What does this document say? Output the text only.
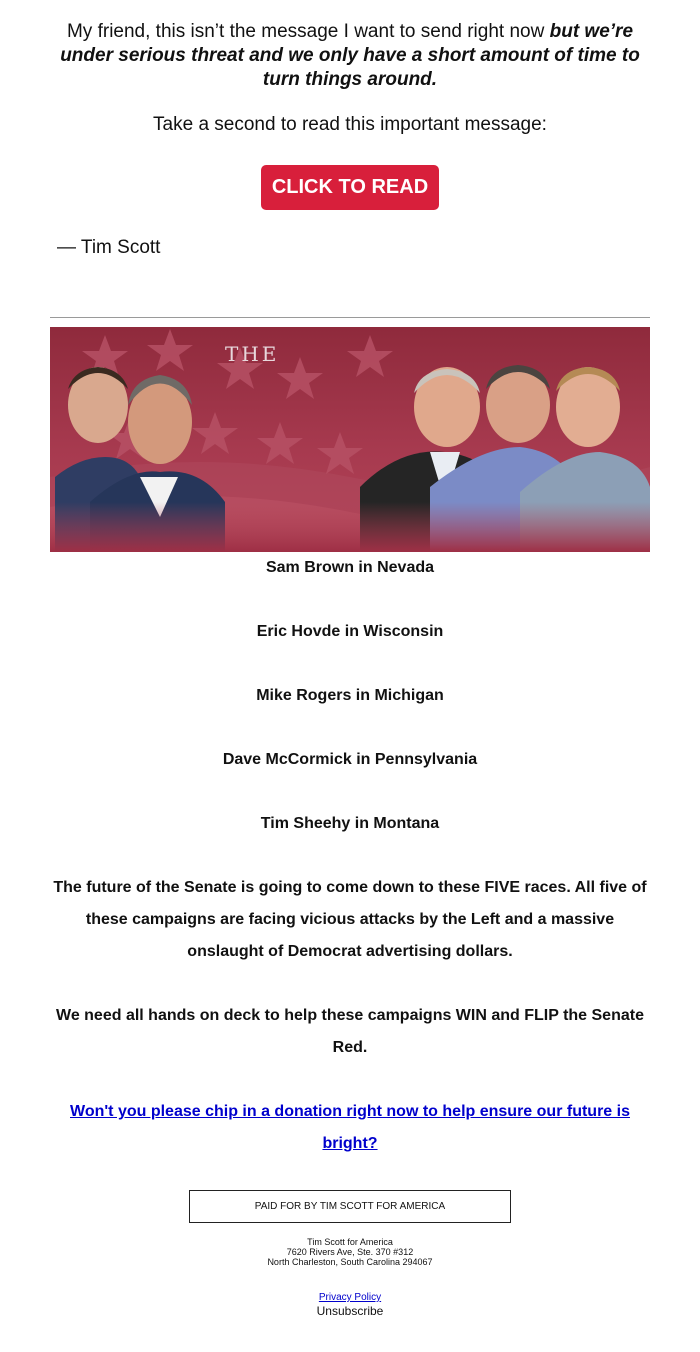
My friend, this isn’t the message I want to send right now but we’re under serious threat and we only have a short amount of time to turn things around.
Take a second to read this important message:
CLICK TO READ
— Tim Scott
THE
Sam Brown in Nevada
Eric Hovde in Wisconsin
Mike Rogers in Michigan
Dave McCormick in Pennsylvania
Tim Sheehy in Montana
The future of the Senate is going to come down to these FIVE races. All five of these campaigns are facing vicious attacks by the Left and a massive onslaught of Democrat advertising dollars.
We need all hands on deck to help these campaigns WIN and FLIP the Senate Red.
Won't you please chip in a donation right now to help ensure our future is bright?
PAID FOR BY TIM SCOTT FOR AMERICA
Tim Scott for America
7620 Rivers Ave, Ste. 370 #312
North Charleston, South Carolina 294067
Privacy Policy
Unsubscribe
